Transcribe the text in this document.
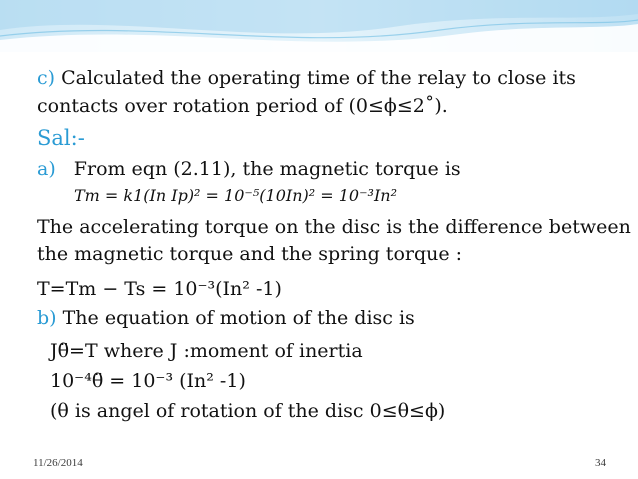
c) Calculated the operating time of the relay to close its
contacts over rotation period of (0≤ϕ≤2˚).
Sal:-
a) From eqn (2.11), the magnetic torque is
Tm = k1(In Ip)² = 10⁻⁵(10In)² = 10⁻³In²
The accelerating torque on the disc is the difference between
the magnetic torque and the spring torque :
T=Tm − Ts = 10⁻³(In² -1)
b) The equation of motion of the disc is
Jθ̈=T where J :moment of inertia
10⁻⁴θ̈ = 10⁻³ (In² -1)
(θ is angel of rotation of the disc 0≤θ≤ϕ)
11/26/2014	34
